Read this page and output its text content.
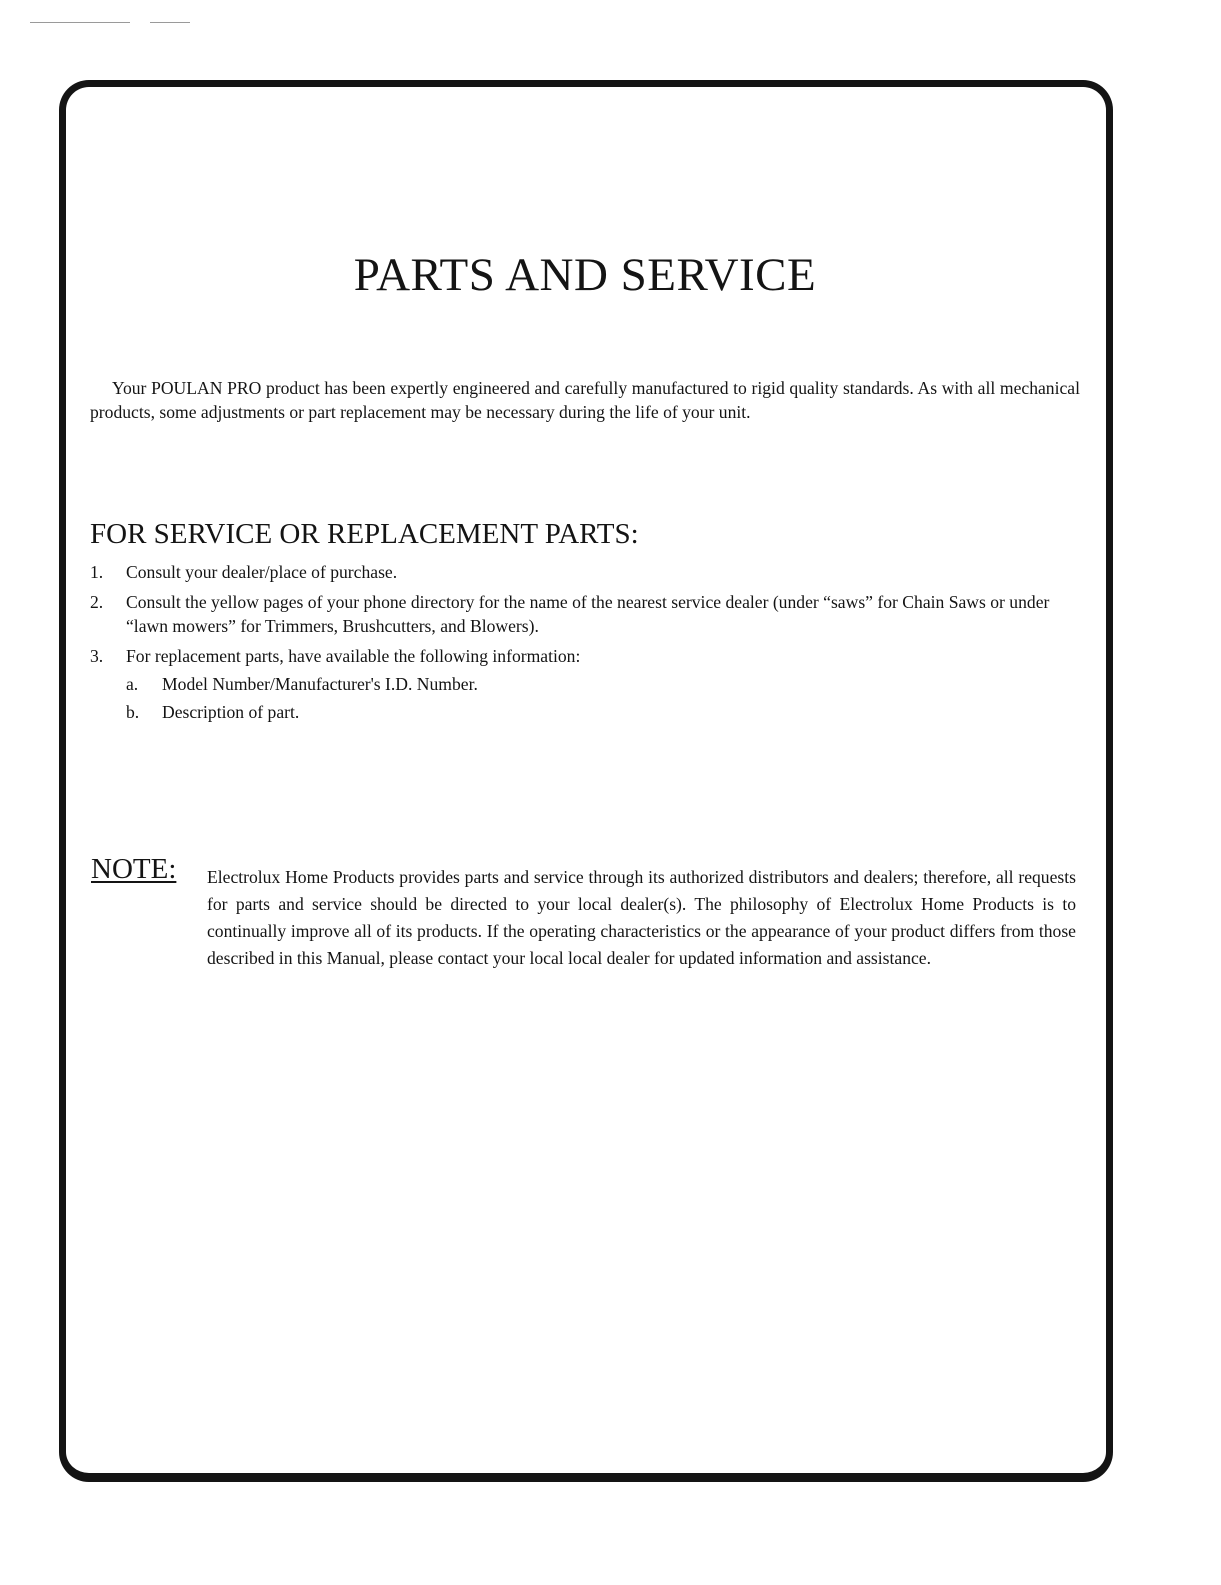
PARTS AND SERVICE

Your POULAN PRO product has been expertly engineered and carefully manufactured to rigid quality standards. As with all mechanical products, some adjustments or part replacement may be necessary during the life of your unit.

FOR SERVICE OR REPLACEMENT PARTS:
1. Consult your dealer/place of purchase.
2. Consult the yellow pages of your phone directory for the name of the nearest service dealer (under “saws” for Chain Saws or under “lawn mowers” for Trimmers, Brushcutters, and Blowers).
3. For replacement parts, have available the following information:
a. Model Number/Manufacturer's I.D. Number.
b. Description of part.
NOTE: Electrolux Home Products provides parts and service through its authorized distributors and dealers; therefore, all requests for parts and service should be directed to your local dealer(s). The philosophy of Electrolux Home Products is to continually improve all of its products. If the operating characteristics or the appearance of your product differs from those described in this Manual, please contact your local local dealer for updated information and assistance.
